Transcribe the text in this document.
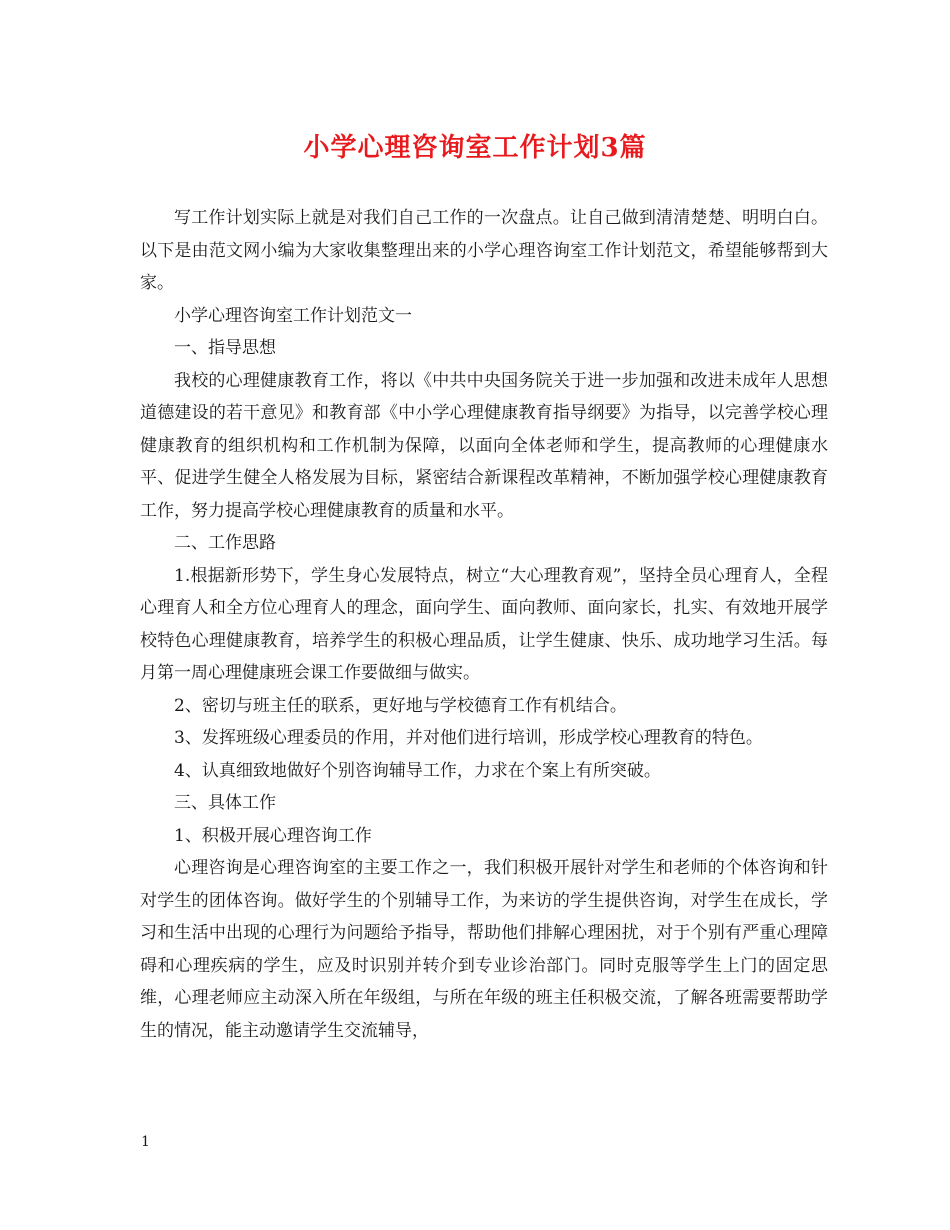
小学心理咨询室工作计划3篇

写工作计划实际上就是对我们自己工作的一次盘点。让自己做到清清楚楚、明明白白。以下是由范文网小编为大家收集整理出来的小学心理咨询室工作计划范文，希望能够帮到大家。

小学心理咨询室工作计划范文一

一、指导思想

我校的心理健康教育工作，将以《中共中央国务院关于进一步加强和改进未成年人思想道德建设的若干意见》和教育部《中小学心理健康教育指导纲要》为指导，以完善学校心理健康教育的组织机构和工作机制为保障，以面向全体老师和学生，提高教师的心理健康水平、促进学生健全人格发展为目标，紧密结合新课程改革精神，不断加强学校心理健康教育工作，努力提高学校心理健康教育的质量和水平。

二、工作思路

1.根据新形势下，学生身心发展特点，树立“大心理教育观”，坚持全员心理育人，全程心理育人和全方位心理育人的理念，面向学生、面向教师、面向家长，扎实、有效地开展学校特色心理健康教育，培养学生的积极心理品质，让学生健康、快乐、成功地学习生活。每月第一周心理健康班会课工作要做细与做实。

2、密切与班主任的联系，更好地与学校德育工作有机结合。

3、发挥班级心理委员的作用，并对他们进行培训，形成学校心理教育的特色。

4、认真细致地做好个别咨询辅导工作，力求在个案上有所突破。

三、具体工作

1、积极开展心理咨询工作

心理咨询是心理咨询室的主要工作之一，我们积极开展针对学生和老师的个体咨询和针对学生的团体咨询。做好学生的个别辅导工作，为来访的学生提供咨询，对学生在成长，学习和生活中出现的心理行为问题给予指导，帮助他们排解心理困扰，对于个别有严重心理障碍和心理疾病的学生，应及时识别并转介到专业诊治部门。同时克服等学生上门的固定思维，心理老师应主动深入所在年级组，与所在年级的班主任积极交流，了解各班需要帮助学生的情况，能主动邀请学生交流辅导，

1
